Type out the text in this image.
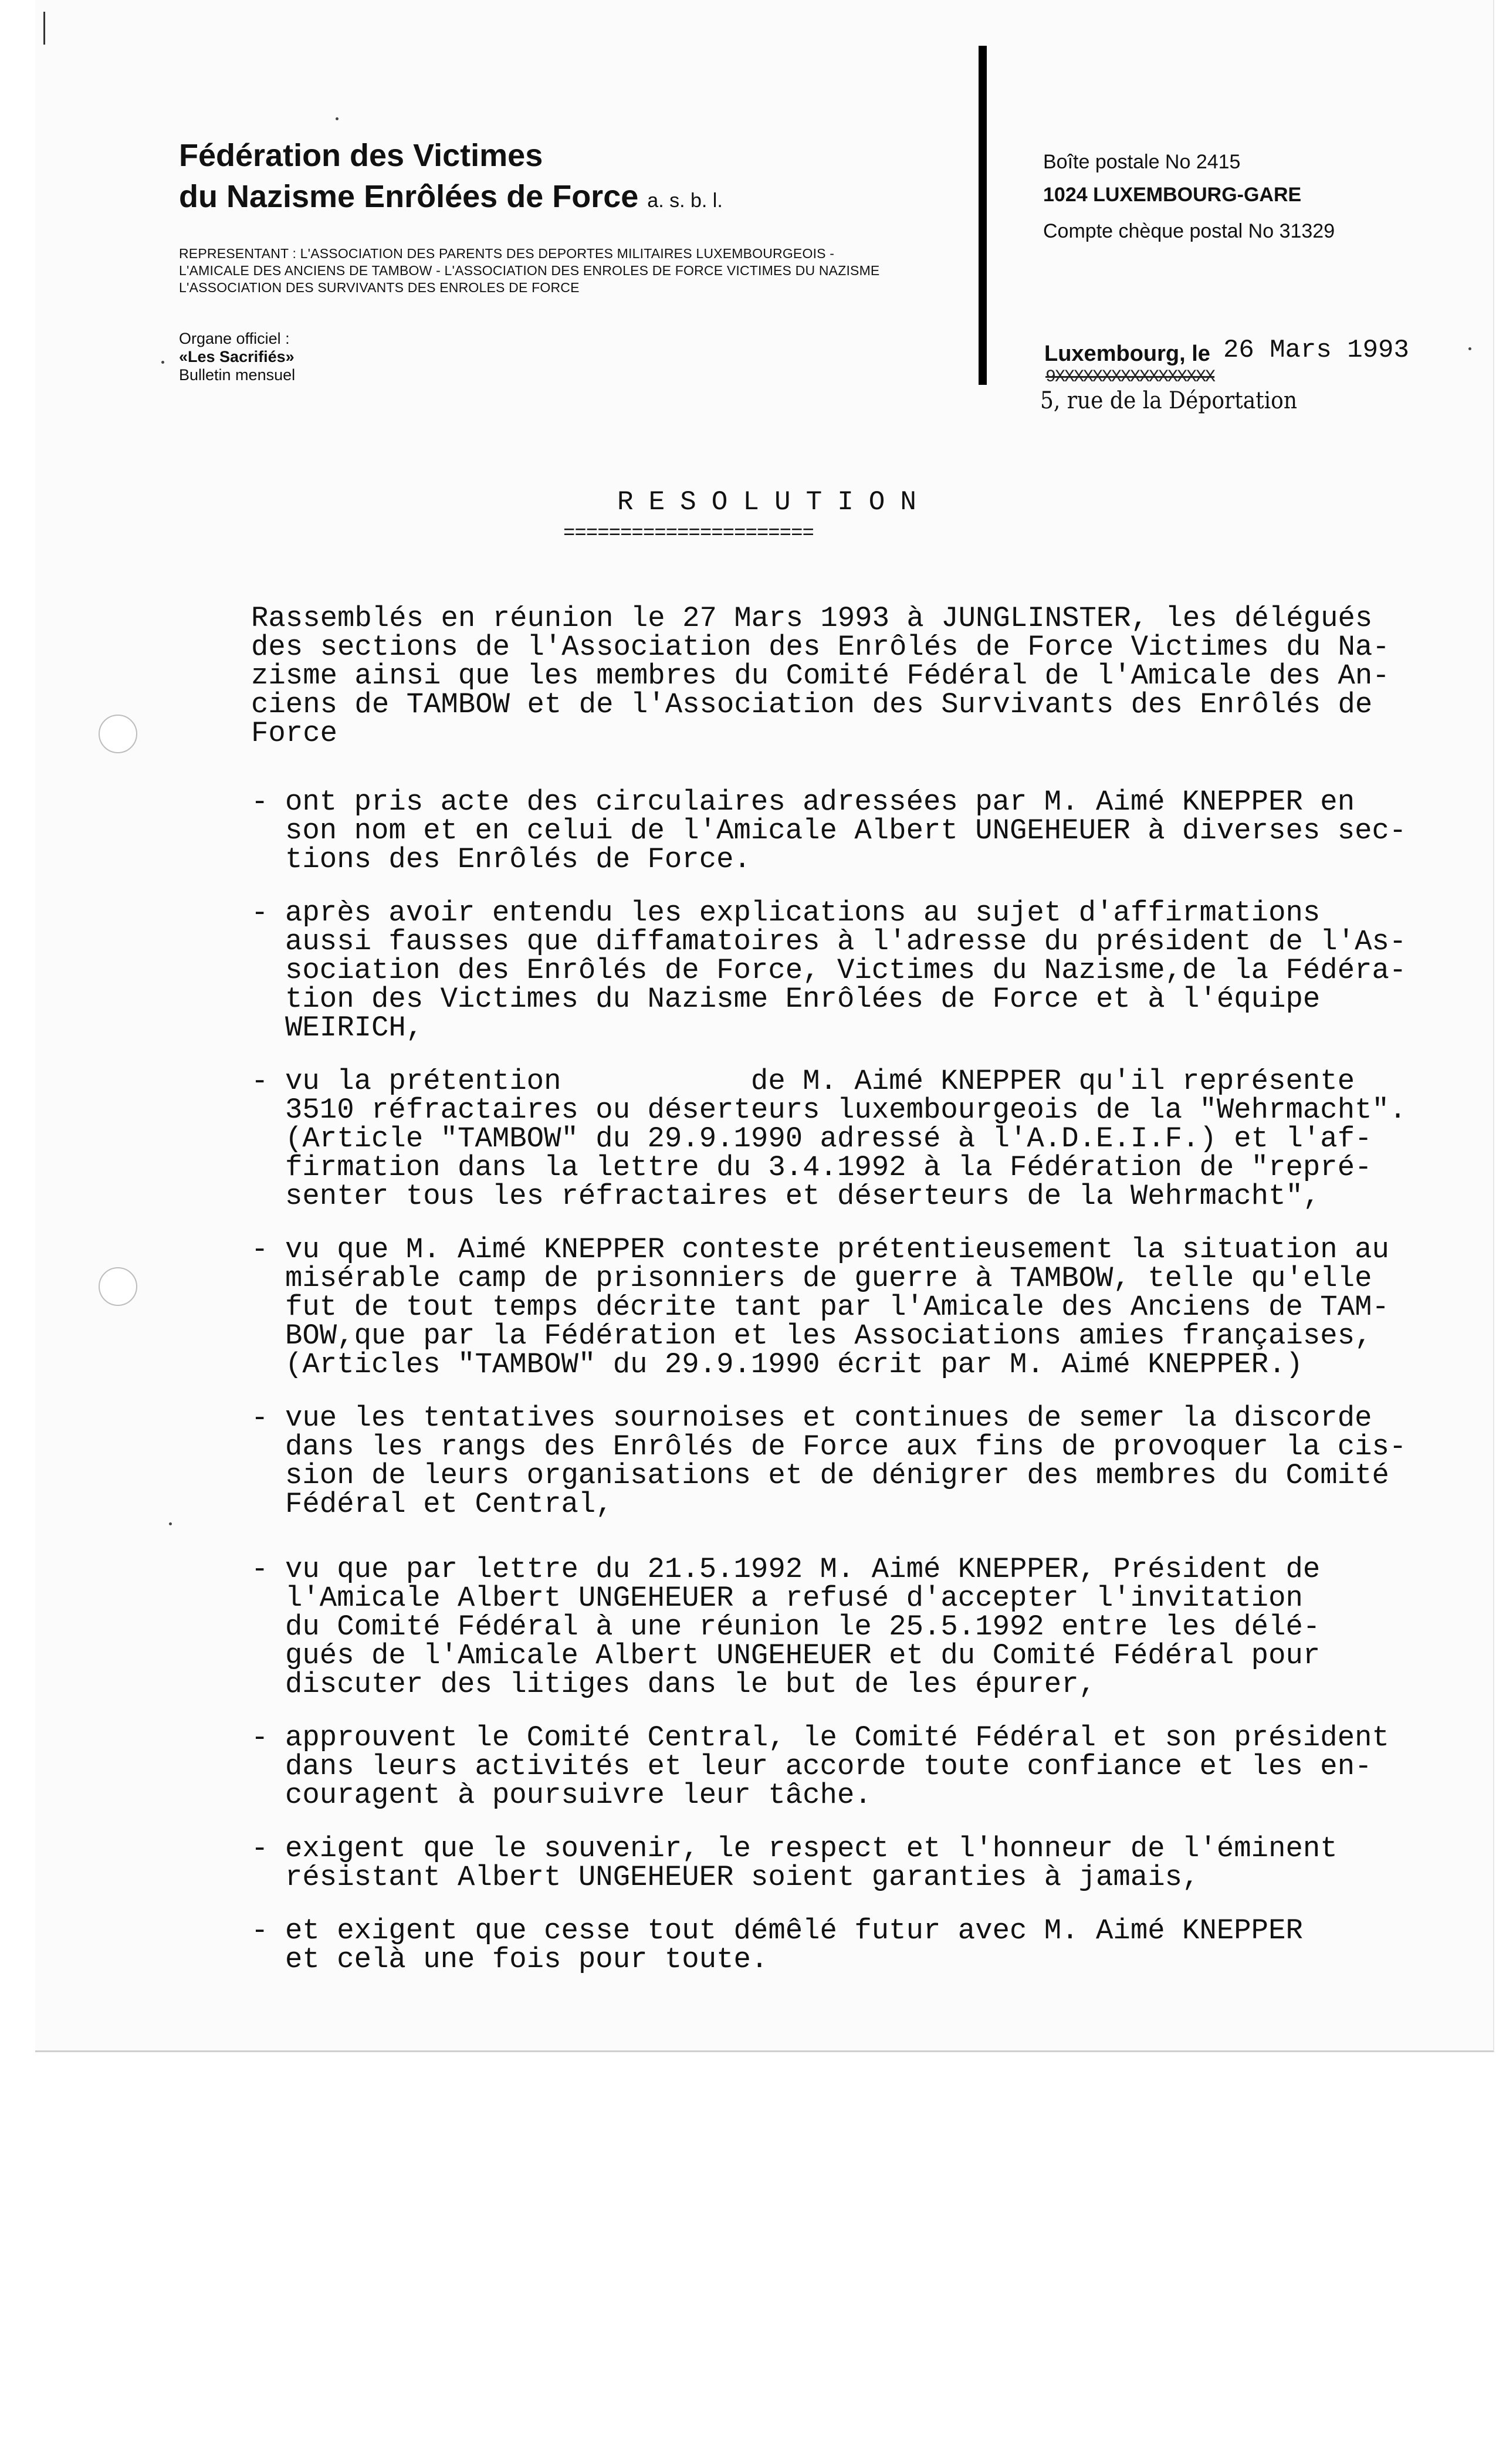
Fédération des Victimes
du Nazisme Enrôlées de Force a. s. b. l.
REPRESENTANT : L'ASSOCIATION DES PARENTS DES DEPORTES MILITAIRES LUXEMBOURGEOIS -
L'AMICALE DES ANCIENS DE TAMBOW - L'ASSOCIATION DES ENROLES DE FORCE VICTIMES DU NAZISME
L'ASSOCIATION DES SURVIVANTS DES ENROLES DE FORCE
Organe officiel :
«Les Sacrifiés»
Bulletin mensuel
Boîte postale No 2415
1024 LUXEMBOURG-GARE
Compte chèque postal No 31329
Luxembourg, le 26 Mars 1993
9XXXXXXXXXXXXXXXXX
5, rue de la Déportation
RESOLUTION
======================
Rassemblés en réunion le 27 Mars 1993 à JUNGLINSTER, les délégués
des sections de l'Association des Enrôlés de Force Victimes du Na-
zisme ainsi que les membres du Comité Fédéral de l'Amicale des An-
ciens de TAMBOW et de l'Association des Survivants des Enrôlés de
Force
- ont pris acte des circulaires adressées par M. Aimé KNEPPER en
son nom et en celui de l'Amicale Albert UNGEHEUER à diverses sec-
tions des Enrôlés de Force.
- après avoir entendu les explications au sujet d'affirmations
aussi fausses que diffamatoires à l'adresse du président de l'As-
sociation des Enrôlés de Force, Victimes du Nazisme,de la Fédéra-
tion des Victimes du Nazisme Enrôlées de Force et à l'équipe
WEIRICH,
- vu la prétention           de M. Aimé KNEPPER qu'il représente
3510 réfractaires ou déserteurs luxembourgeois de la "Wehrmacht".
(Article "TAMBOW" du 29.9.1990 adressé à l'A.D.E.I.F.) et l'af-
firmation dans la lettre du 3.4.1992 à la Fédération de "repré-
senter tous les réfractaires et déserteurs de la Wehrmacht",
- vu que M. Aimé KNEPPER conteste prétentieusement la situation au
misérable camp de prisonniers de guerre à TAMBOW, telle qu'elle
fut de tout temps décrite tant par l'Amicale des Anciens de TAM-
BOW,que par la Fédération et les Associations amies françaises,
(Articles "TAMBOW" du 29.9.1990 écrit par M. Aimé KNEPPER.)
- vue les tentatives sournoises et continues de semer la discorde
dans les rangs des Enrôlés de Force aux fins de provoquer la cis-
sion de leurs organisations et de dénigrer des membres du Comité
Fédéral et Central,
- vu que par lettre du 21.5.1992 M. Aimé KNEPPER, Président de
l'Amicale Albert UNGEHEUER a refusé d'accepter l'invitation
du Comité Fédéral à une réunion le 25.5.1992 entre les délé-
gués de l'Amicale Albert UNGEHEUER et du Comité Fédéral pour
discuter des litiges dans le but de les épurer,
- approuvent le Comité Central, le Comité Fédéral et son président
dans leurs activités et leur accorde toute confiance et les en-
couragent à poursuivre leur tâche.
- exigent que le souvenir, le respect et l'honneur de l'éminent
résistant Albert UNGEHEUER soient garanties à jamais,
- et exigent que cesse tout démêlé futur avec M. Aimé KNEPPER
et celà une fois pour toute.
